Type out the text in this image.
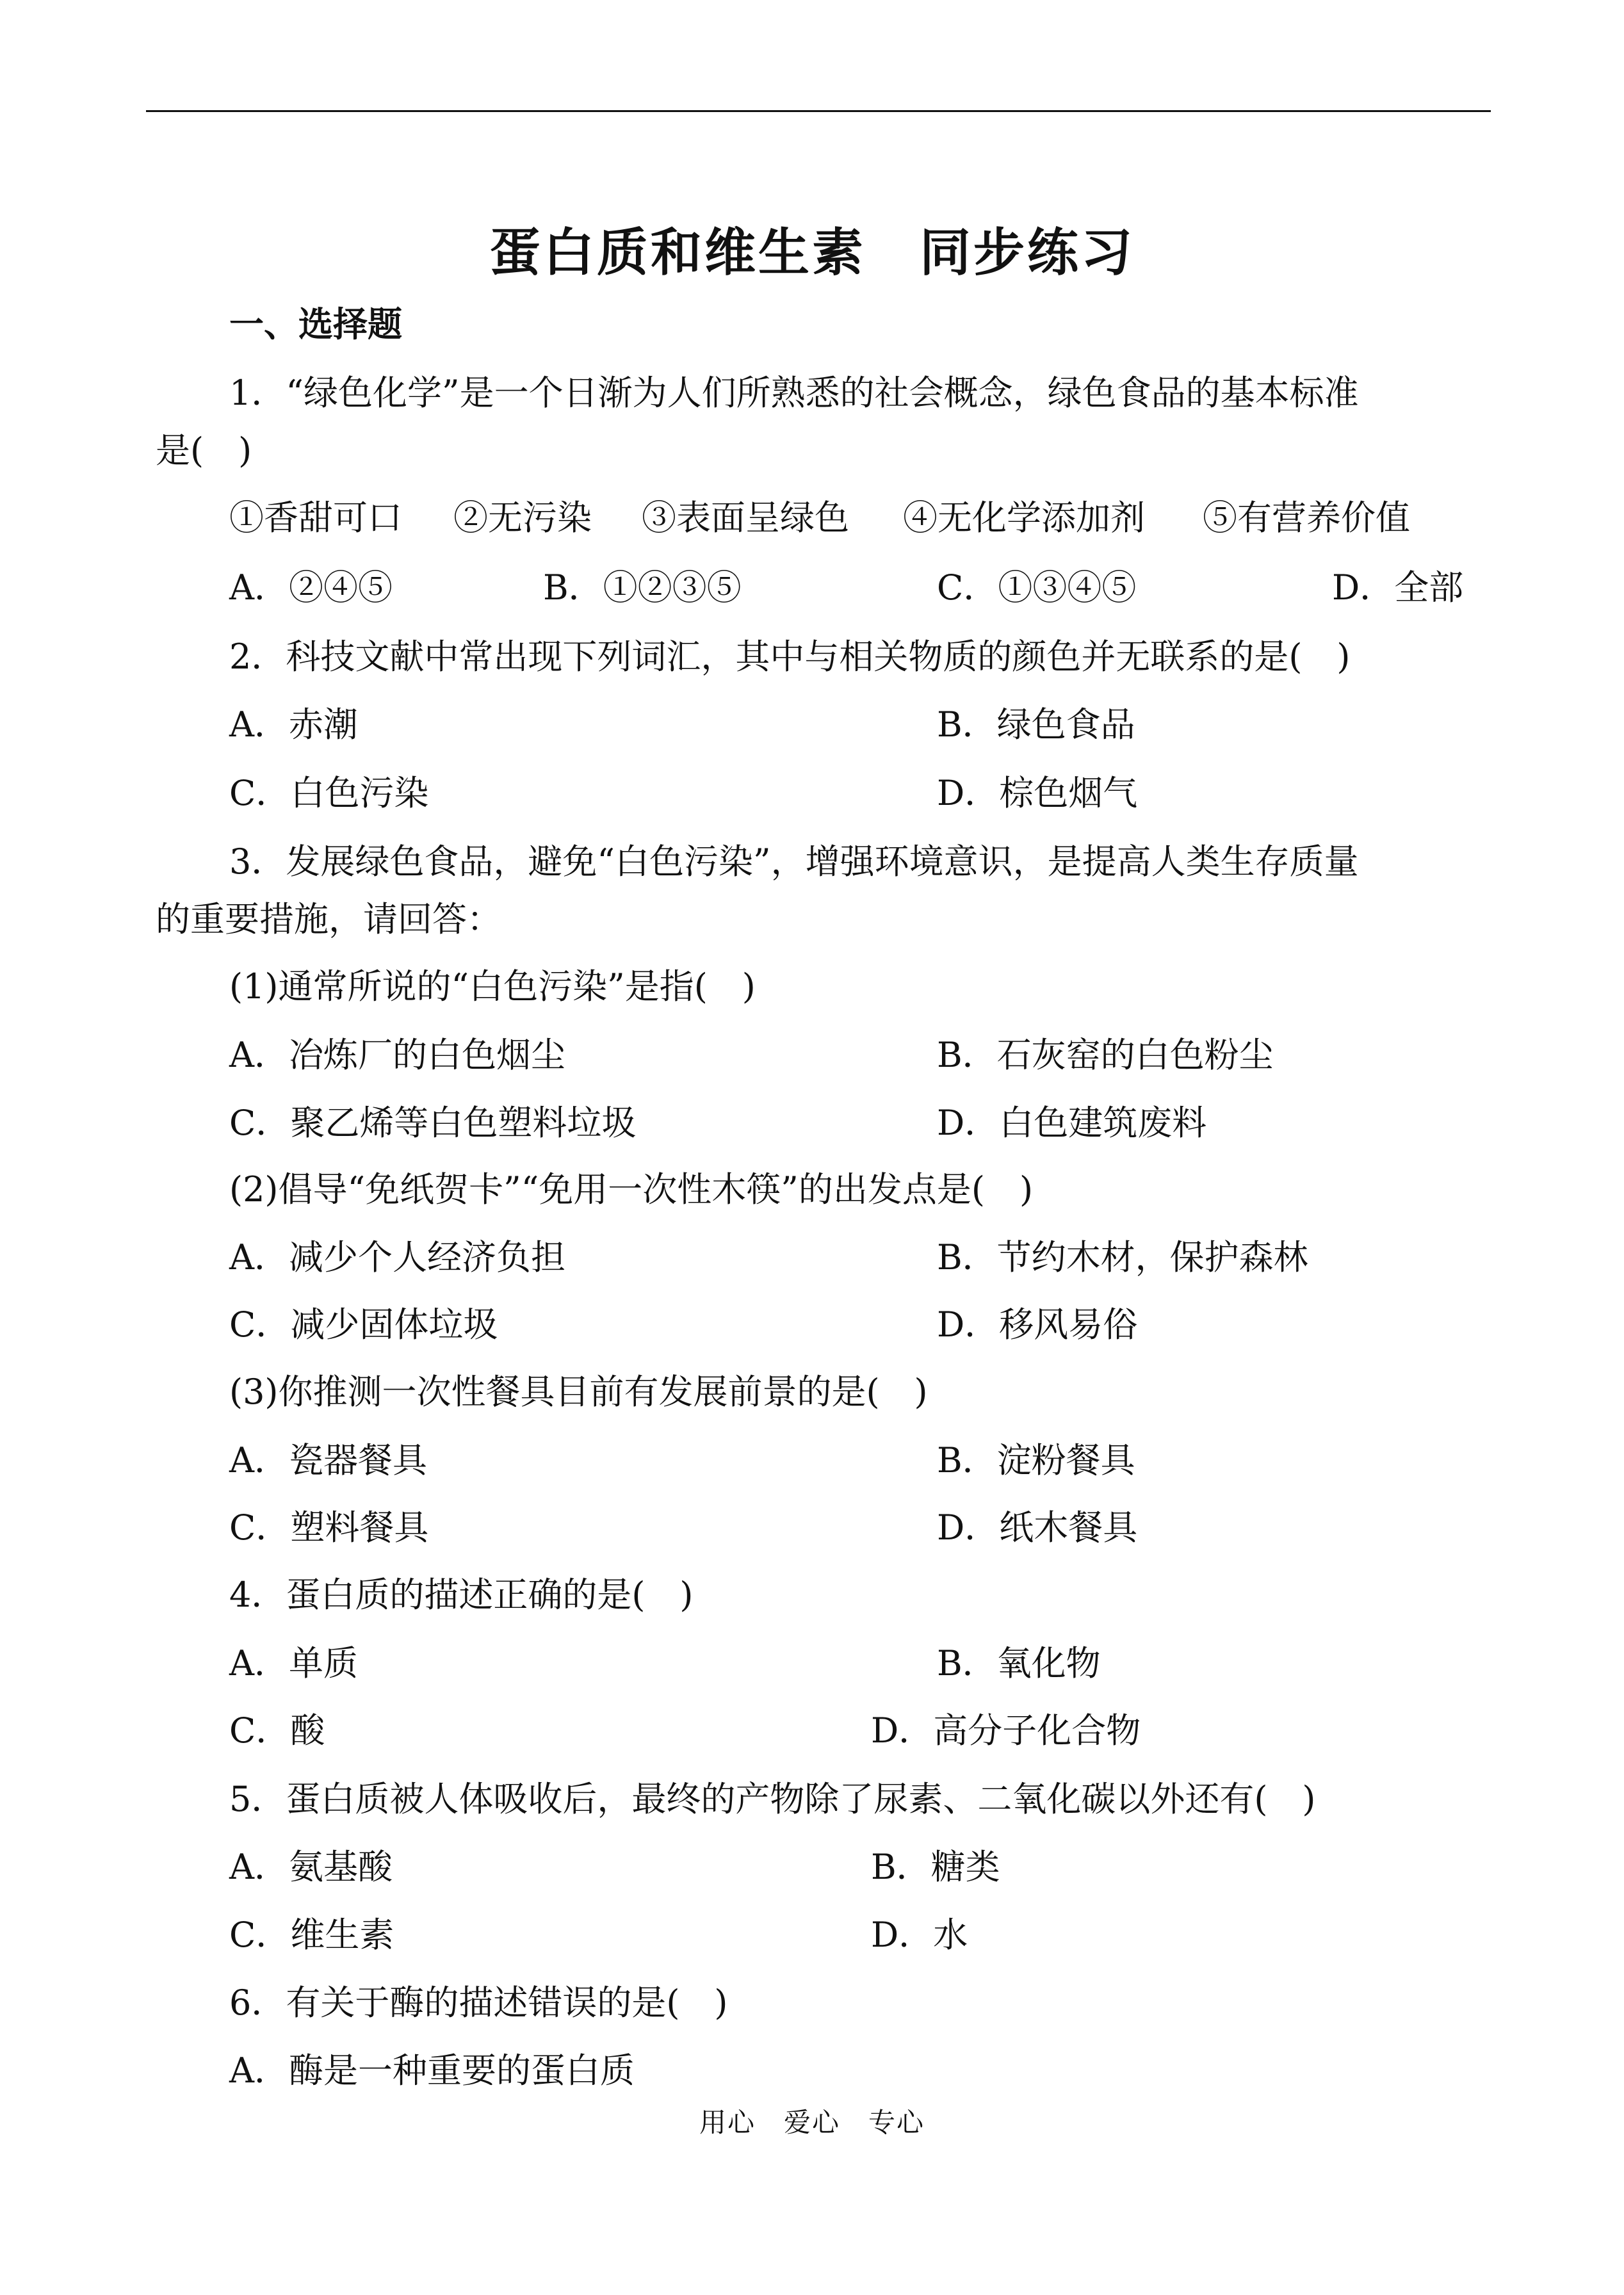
蛋白质和维生素　同步练习
一、选择题
1．“绿色化学”是一个日渐为人们所熟悉的社会概念，绿色食品的基本标准
是(　)
①香甜可口 ②无污染 ③表面呈绿色 ④无化学添加剂 ⑤有营养价值
A．②④⑤	B．①②③⑤	C．①③④⑤	D．全部
2．科技文献中常出现下列词汇，其中与相关物质的颜色并无联系的是(　)
A．赤潮	B．绿色食品
C．白色污染	D．棕色烟气
3．发展绿色食品，避免“白色污染”，增强环境意识，是提高人类生存质量
的重要措施，请回答：
(1)通常所说的“白色污染”是指(　)
A．冶炼厂的白色烟尘	B．石灰窑的白色粉尘
C．聚乙烯等白色塑料垃圾	D．白色建筑废料
(2)倡导“免纸贺卡”“免用一次性木筷”的出发点是(　)
A．减少个人经济负担	B．节约木材，保护森林
C．减少固体垃圾	D．移风易俗
(3)你推测一次性餐具目前有发展前景的是(　)
A．瓷器餐具	B．淀粉餐具
C．塑料餐具	D．纸木餐具
4．蛋白质的描述正确的是(　)
A．单质	B．氧化物
C．酸	D．高分子化合物
5．蛋白质被人体吸收后，最终的产物除了尿素、二氧化碳以外还有(　)
A．氨基酸	B．糖类
C．维生素	D．水
6．有关于酶的描述错误的是(　)
A．酶是一种重要的蛋白质
用心　爱心　专心
